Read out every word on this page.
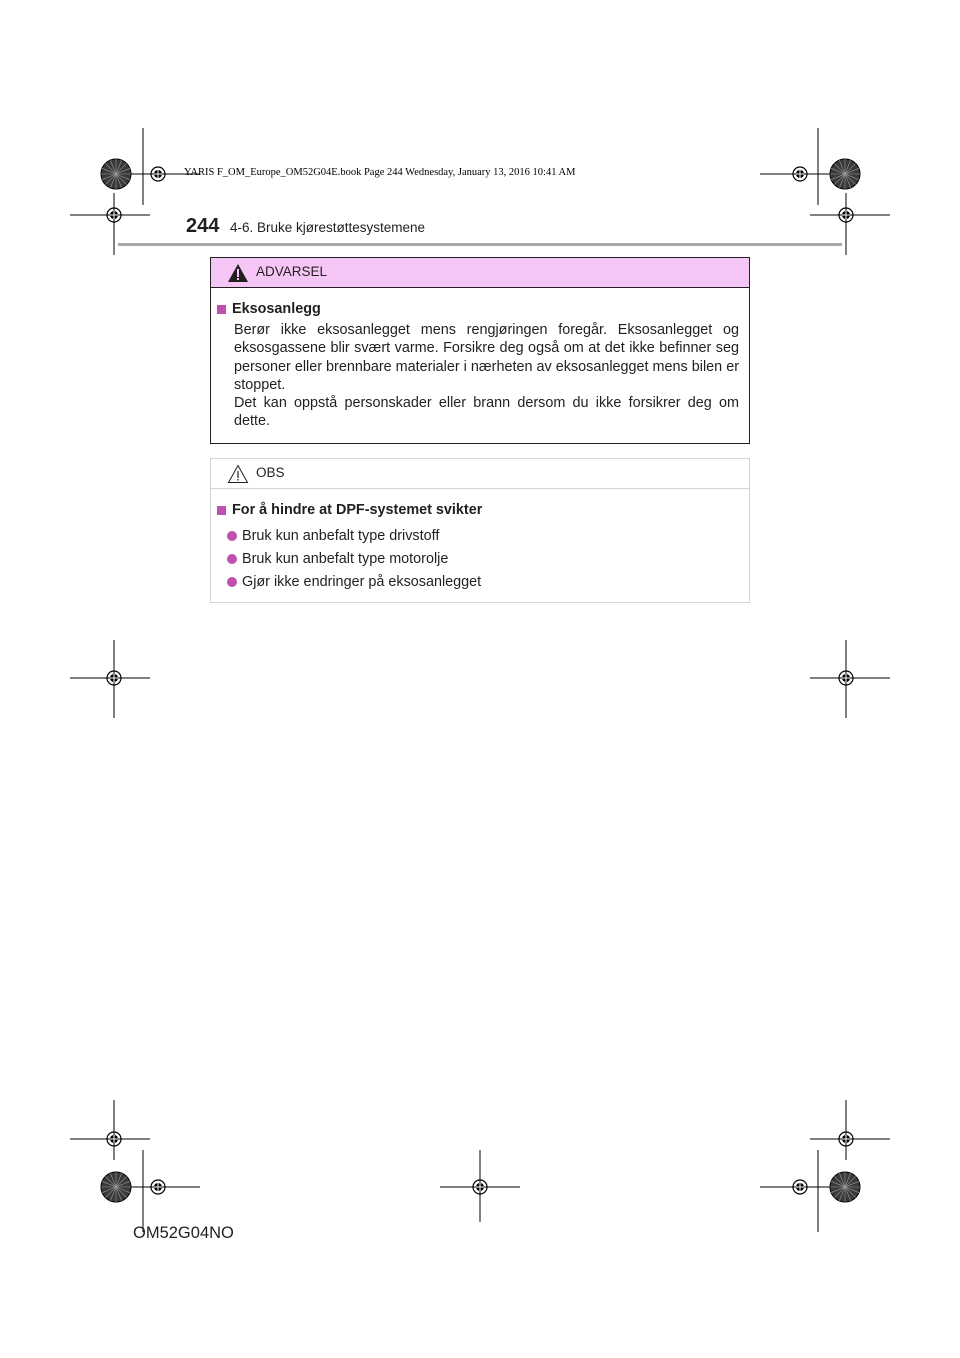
YARIS F_OM_Europe_OM52G04E.book Page 244 Wednesday, January 13, 2016 10:41 AM
244 4-6. Bruke kjørestøttesystemene
ADVARSEL
Eksosanlegg
Berør ikke eksosanlegget mens rengjøringen foregår. Eksosanlegget og eksosgassene blir svært varme. Forsikre deg også om at det ikke befinner seg personer eller brennbare materialer i nærheten av eksosanlegget mens bilen er stoppet.
Det kan oppstå personskader eller brann dersom du ikke forsikrer deg om dette.
OBS
For å hindre at DPF-systemet svikter
Bruk kun anbefalt type drivstoff
Bruk kun anbefalt type motorolje
Gjør ikke endringer på eksosanlegget
OM52G04NO
